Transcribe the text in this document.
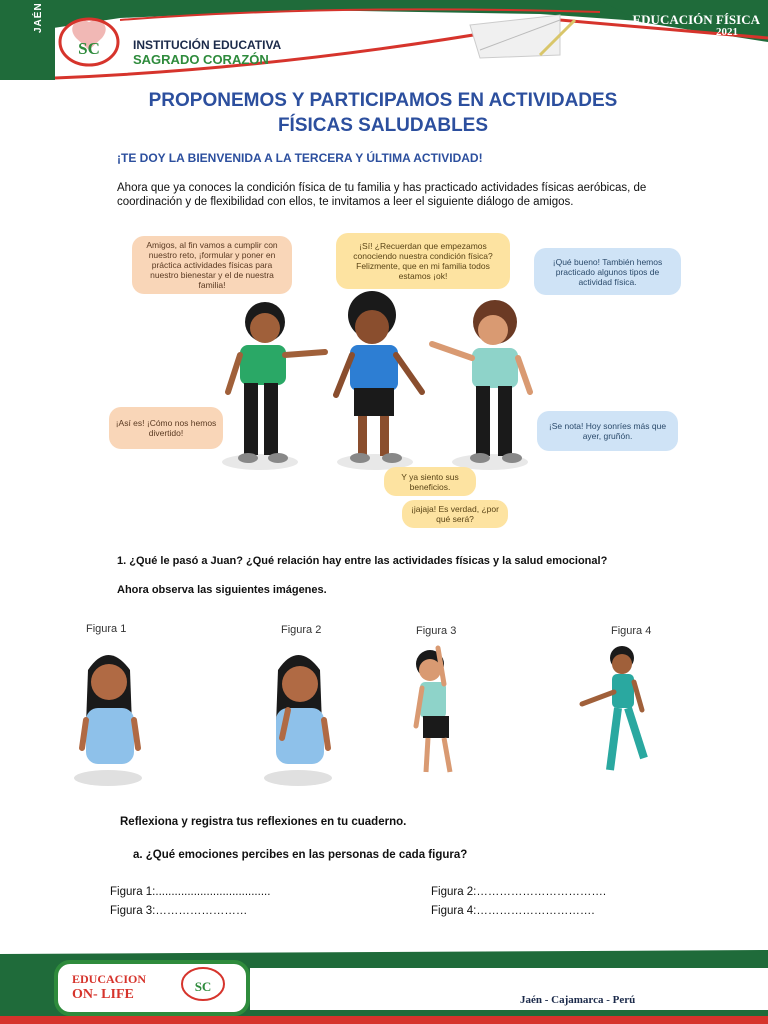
JAÉN
SC	INSTITUCIÓN EDUCATIVA
SAGRADO CORAZÓN
EDUCACIÓN FÍSICA
2021
PROPONEMOS Y PARTICIPAMOS EN ACTIVIDADES
FÍSICAS SALUDABLES
¡TE DOY LA BIENVENIDA A LA TERCERA Y ÚLTIMA ACTIVIDAD!
Ahora que ya conoces la condición física de tu familia y has practicado actividades físicas aeróbicas, de coordinación y de flexibilidad con ellos, te invitamos a leer el siguiente diálogo de amigos.
Amigos, al fin vamos a cumplir con nuestro reto, ¡formular y poner en práctica actividades físicas para nuestro bienestar y el de nuestra familia!
¡Sí! ¿Recuerdan que empezamos conociendo nuestra condición física? Felizmente, que en mi familia todos estamos ¡ok!
¡Qué bueno! También hemos practicado algunos tipos de actividad física.
¡Así es! ¡Cómo nos hemos divertido!
¡Se nota! Hoy sonríes más que ayer, gruñón.
Y ya siento sus beneficios.
¡jajaja! Es verdad, ¿por qué será?
1. ¿Qué le pasó a Juan? ¿Qué relación hay entre las actividades físicas y la salud emocional?
Ahora observa las siguientes imágenes.
Figura 1	Figura 2	Figura 3	Figura 4
Reflexiona y registra tus reflexiones en tu cuaderno.
a. ¿Qué emociones percibes en las personas de cada figura?
Figura 1:....................................	Figura 2:…………………………….
Figura 3:……………………	Figura 4:………………………….
EDUCACION
ON- LIFE
SC
Jaén - Cajamarca - Perú
